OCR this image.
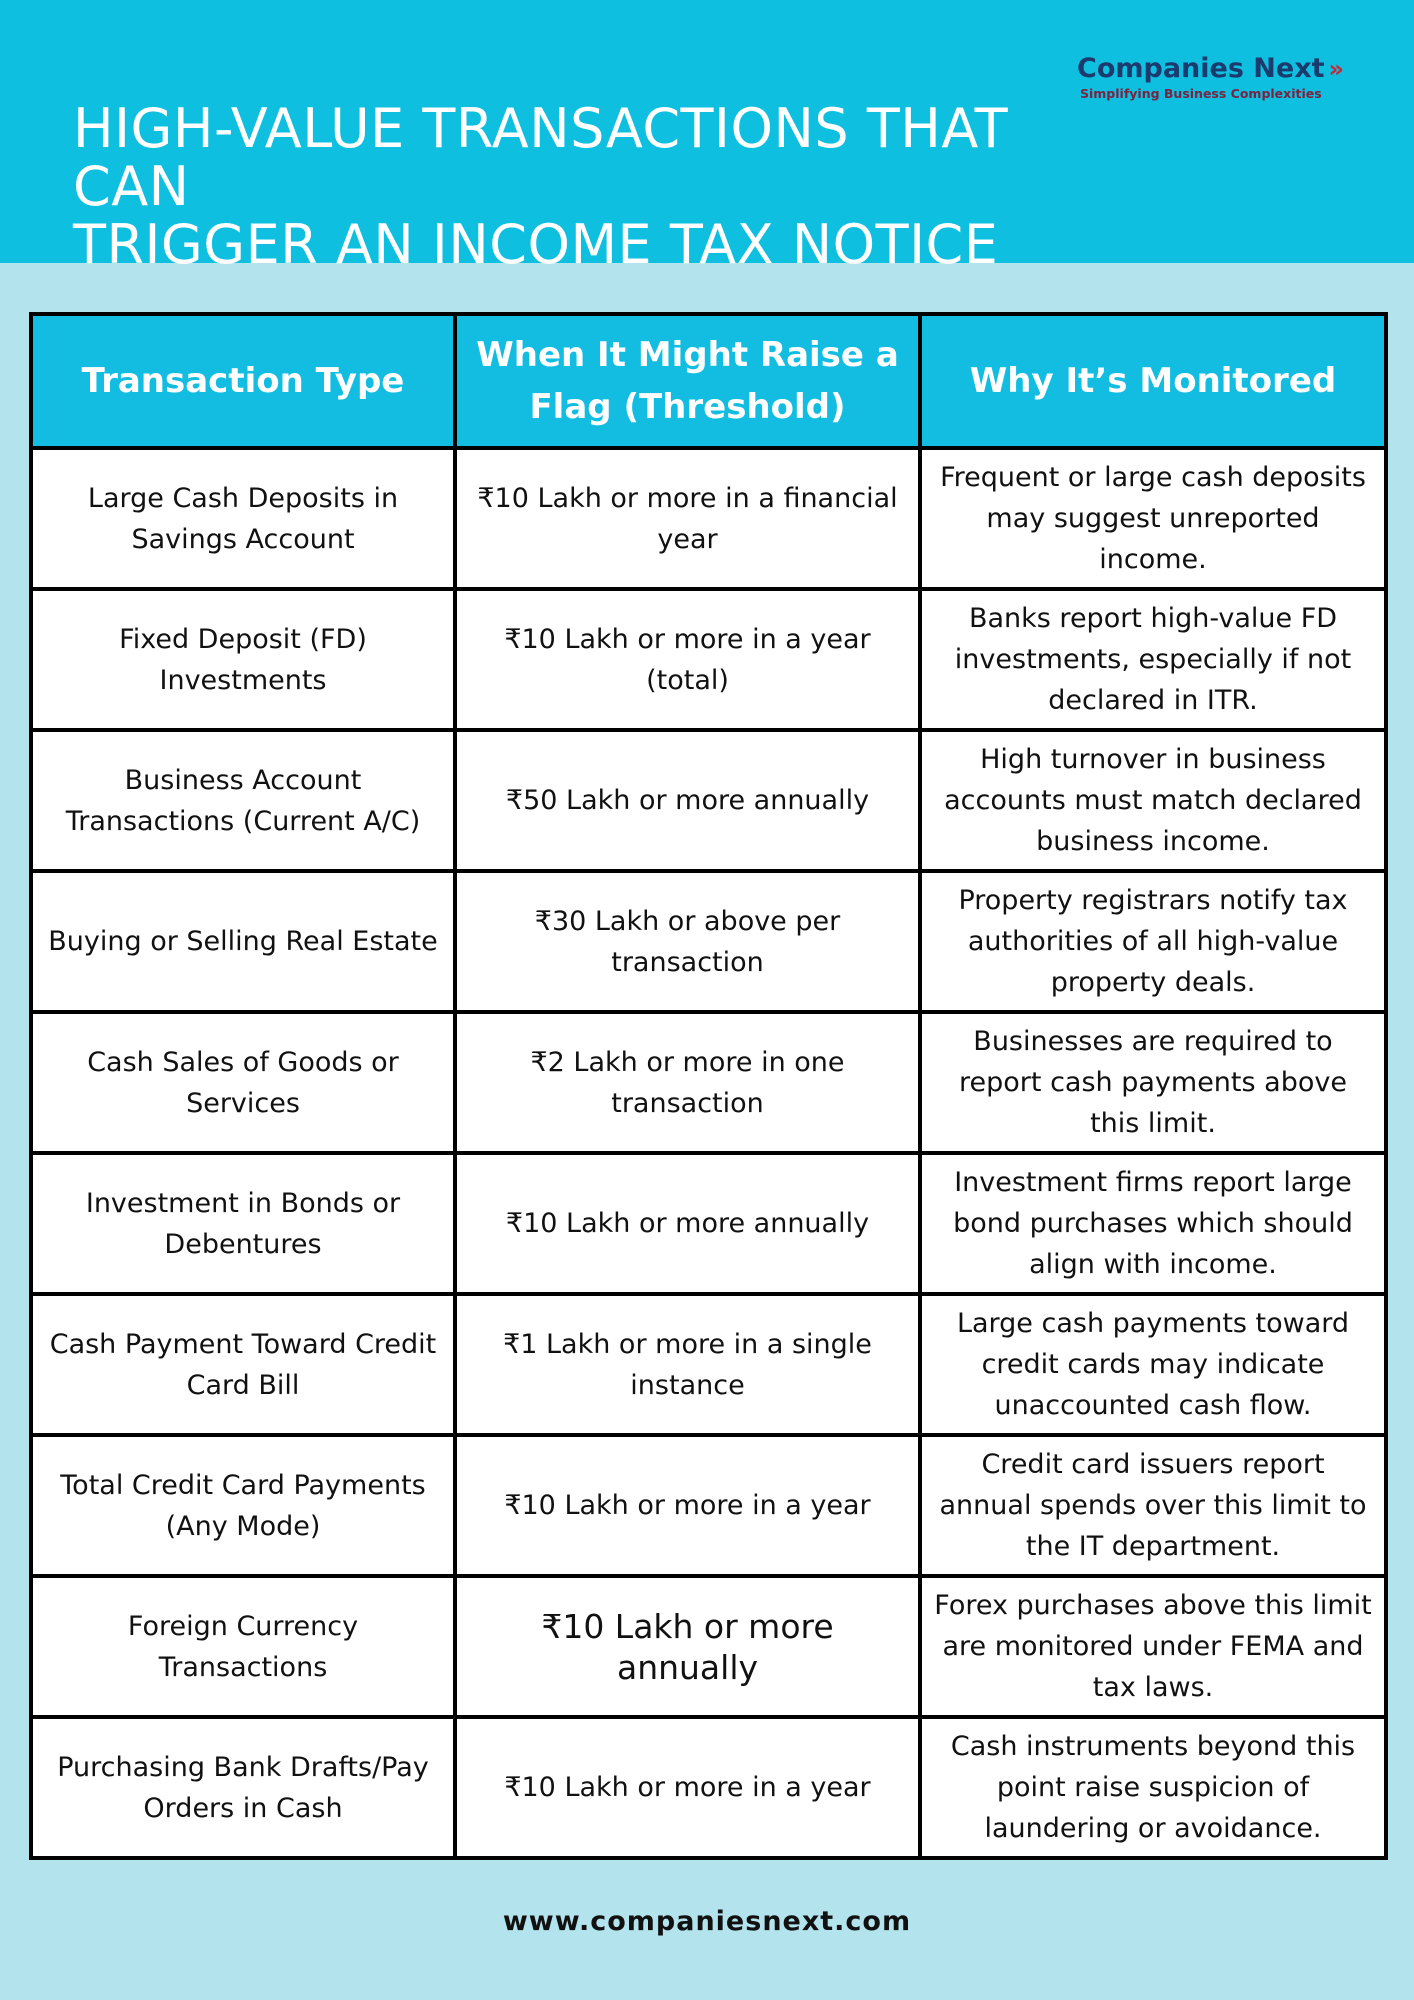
HIGH-VALUE TRANSACTIONS THAT CAN
TRIGGER AN INCOME TAX NOTICE
Companies Next »
Simplifying Business Complexities
Transaction Type	When It Might Raise a Flag (Threshold)	Why It’s Monitored
Large Cash Deposits in Savings Account	₹10 Lakh or more in a financial year	Frequent or large cash deposits may suggest unreported income.
Fixed Deposit (FD) Investments	₹10 Lakh or more in a year (total)	Banks report high-value FD investments, especially if not declared in ITR.
Business Account Transactions (Current A/C)	₹50 Lakh or more annually	High turnover in business accounts must match declared business income.
Buying or Selling Real Estate	₹30 Lakh or above per transaction	Property registrars notify tax authorities of all high-value property deals.
Cash Sales of Goods or Services	₹2 Lakh or more in one transaction	Businesses are required to report cash payments above this limit.
Investment in Bonds or Debentures	₹10 Lakh or more annually	Investment firms report large bond purchases which should align with income.
Cash Payment Toward Credit Card Bill	₹1 Lakh or more in a single instance	Large cash payments toward credit cards may indicate unaccounted cash flow.
Total Credit Card Payments (Any Mode)	₹10 Lakh or more in a year	Credit card issuers report annual spends over this limit to the IT department.
Foreign Currency Transactions	₹10 Lakh or more annually	Forex purchases above this limit are monitored under FEMA and tax laws.
Purchasing Bank Drafts/Pay Orders in Cash	₹10 Lakh or more in a year	Cash instruments beyond this point raise suspicion of laundering or avoidance.
www.companiesnext.com
